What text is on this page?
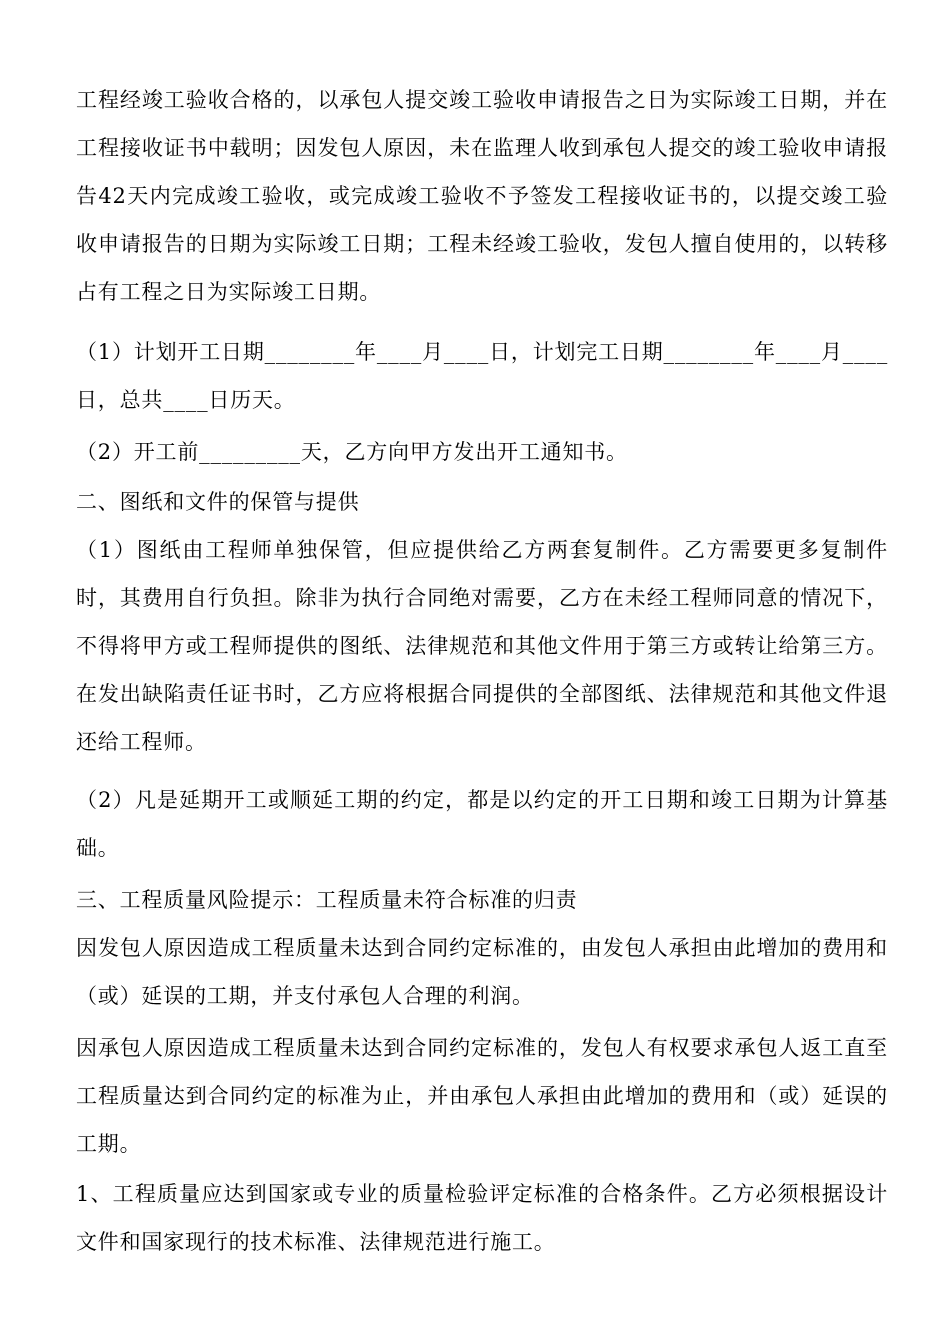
工程经竣工验收合格的，以承包人提交竣工验收申请报告之日为实际竣工日期，并在工程接收证书中载明；因发包人原因，未在监理人收到承包人提交的竣工验收申请报告42天内完成竣工验收，或完成竣工验收不予签发工程接收证书的，以提交竣工验收申请报告的日期为实际竣工日期；工程未经竣工验收，发包人擅自使用的，以转移占有工程之日为实际竣工日期。

（1）计划开工日期________年____月____日，计划完工日期________年____月____日，总共____日历天。

（2）开工前_________天，乙方向甲方发出开工通知书。

二、图纸和文件的保管与提供

（1）图纸由工程师单独保管，但应提供给乙方两套复制件。乙方需要更多复制件时，其费用自行负担。除非为执行合同绝对需要，乙方在未经工程师同意的情况下，不得将甲方或工程师提供的图纸、法律规范和其他文件用于第三方或转让给第三方。在发出缺陷责任证书时，乙方应将根据合同提供的全部图纸、法律规范和其他文件退还给工程师。

（2）凡是延期开工或顺延工期的约定，都是以约定的开工日期和竣工日期为计算基础。

三、工程质量风险提示：工程质量未符合标准的归责

因发包人原因造成工程质量未达到合同约定标准的，由发包人承担由此增加的费用和（或）延误的工期，并支付承包人合理的利润。

因承包人原因造成工程质量未达到合同约定标准的，发包人有权要求承包人返工直至工程质量达到合同约定的标准为止，并由承包人承担由此增加的费用和（或）延误的工期。

1、工程质量应达到国家或专业的质量检验评定标准的合格条件。乙方必须根据设计文件和国家现行的技术标准、法律规范进行施工。
